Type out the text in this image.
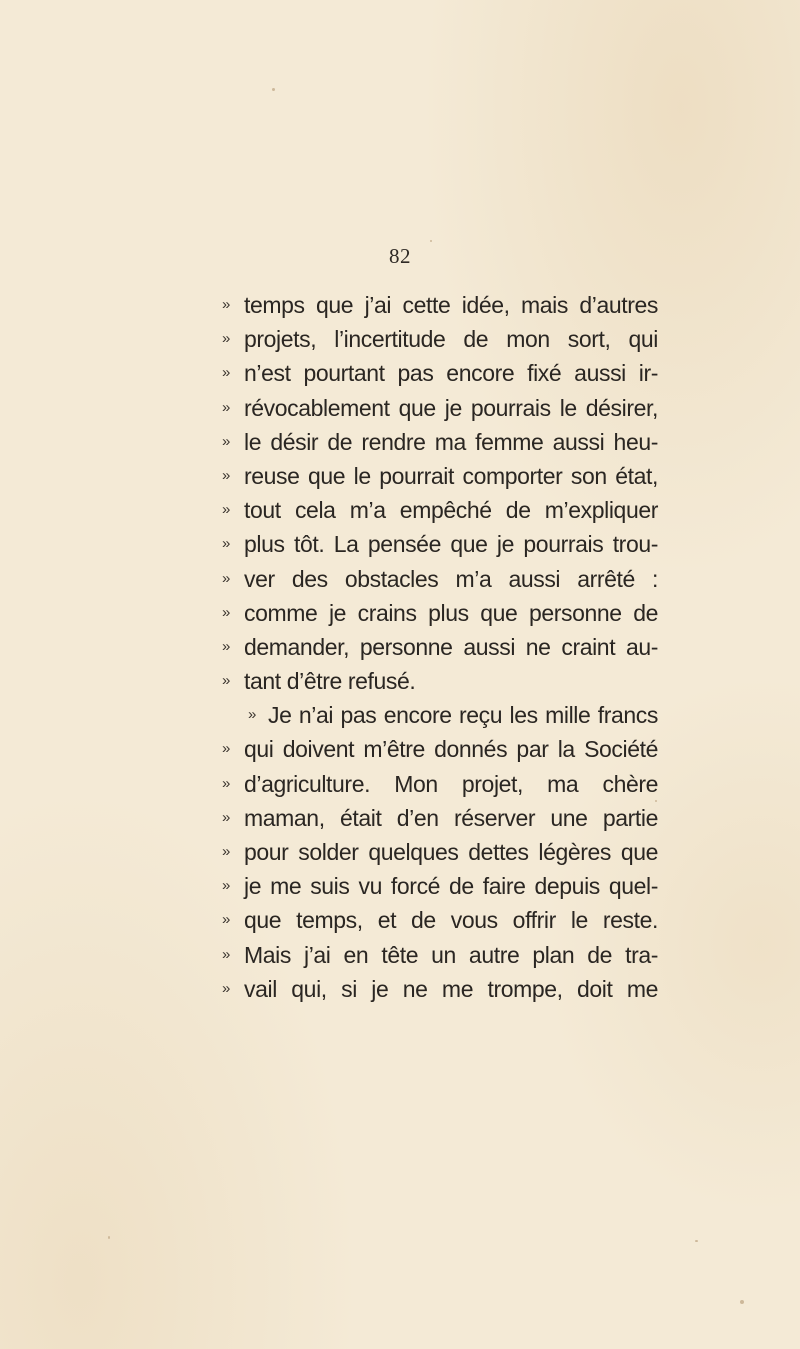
82
» temps que j’ai cette idée, mais d’autres
» projets, l’incertitude de mon sort, qui
» n’est pourtant pas encore fixé aussi ir-
» révocablement que je pourrais le désirer,
» le désir de rendre ma femme aussi heu-
» reuse que le pourrait comporter son état,
» tout cela m’a empêché de m’expliquer
» plus tôt. La pensée que je pourrais trou-
» ver des obstacles m’a aussi arrêté :
» comme je crains plus que personne de
» demander, personne aussi ne craint au-
» tant d’être refusé.
» Je n’ai pas encore reçu les mille francs
» qui doivent m’être donnés par la Société
» d’agriculture. Mon projet, ma chère
» maman, était d’en réserver une partie
» pour solder quelques dettes légères que
» je me suis vu forcé de faire depuis quel-
» que temps, et de vous offrir le reste.
» Mais j’ai en tête un autre plan de tra-
» vail qui, si je ne me trompe, doit me
